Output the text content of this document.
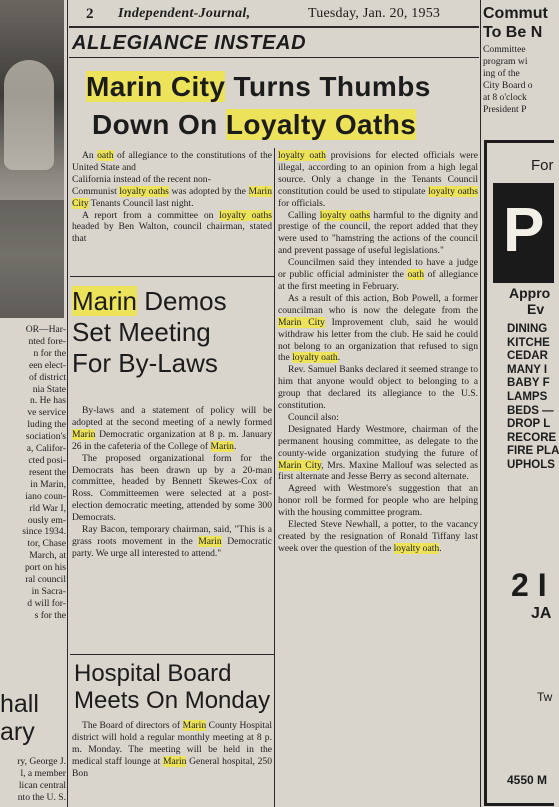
OR—Har-
nted fore-
n for the
een elect-
of district
nia State
n. He has
ve service
luding the
sociation's
a, Califor-
cted posi-
resent the
in Marin,
iano coun-
rld War I,
ously em-
since 1934.
tor, Chase
March, at
port on his
ral council
in Sacra-
d will for-
s for the
hall
ary
ry, George J.
l, a member
lican central
nto the U. S.
2 Independent-Journal,	Tuesday, Jan. 20, 1953
ALLEGIANCE INSTEAD
Marin City Turns Thumbs
Down On Loyalty Oaths

An oath of allegiance to the constitutions of the United State and

California instead of the recent non-

Communist loyalty oaths was adopted by the Marin City Tenants Council last night.

A report from a committee on loyalty oaths headed by Ben Walton, council chairman, stated that

Marin Demos
Set Meeting
For By-Laws

By-laws and a statement of policy will be adopted at the second meeting of a newly formed Marin Democratic organization at 8 p. m. January 26 in the cafeteria of the College of Marin.

The proposed organizational form for the Democrats has been drawn up by a 20-man committee, headed by Bennett Skewes-Cox of Ross. Committeemen were selected at a post-election democratic meeting, attended by some 300 Democrats.

Ray Bacon, temporary chairman, said, "This is a grass roots movement in the Marin Democratic party. We urge all interested to attend."

Hospital Board
Meets On Monday

The Board of directors of Marin County Hospital district will hold a regular monthly meeting at 8 p. m. Monday. The meeting will be held in the medical staff lounge at Marin General hospital, 250 Bon

loyalty oath provisions for elected officials were illegal, according to an opinion from a high legal source. Only a change in the Tenants Council constitution could be used to stipulate loyalty oaths for officials.

Calling loyalty oaths harmful to the dignity and prestige of the council, the report added that they were used to "hamstring the actions of the council and prevent passage of useful legislations."

Councilmen said they intended to have a judge or public official administer the oath of allegiance at the first meeting in February.

As a result of this action, Bob Powell, a former councilman who is now the delegate from the Marin City Improvement club, said he would withdraw his letter from the club. He said he could not belong to an organization that refused to sign the loyalty oath.

Rev. Samuel Banks declared it seemed strange to him that anyone would object to belonging to a group that declared its allegiance to the U.S. constitution.

Council also:

Designated Hardy Westmore, chairman of the permanent housing committee, as delegate to the county-wide organization studying the future of Marin City, Mrs. Maxine Mallouf was selected as first alternate and Jesse Berry as second alternate.

Agreed with Westmore's suggestion that an honor roll be formed for people who are helping with the housing committee program.

Elected Steve Newhall, a potter, to the vacancy created by the resignation of Ronald Tiffany last week over the question of the loyalty oath.

Commut
To Be N
Committee
program wi
ing of the
City Board o
at 8 o'clock
President P
For
P
Appro
Ev
DINING
KITCHE
CEDAR
MANY I
BABY F
LAMPS
BEDS —
DROP L
RECORE
FIRE PLA
UPHOLS
2 I
JA
Tw
4550 M
